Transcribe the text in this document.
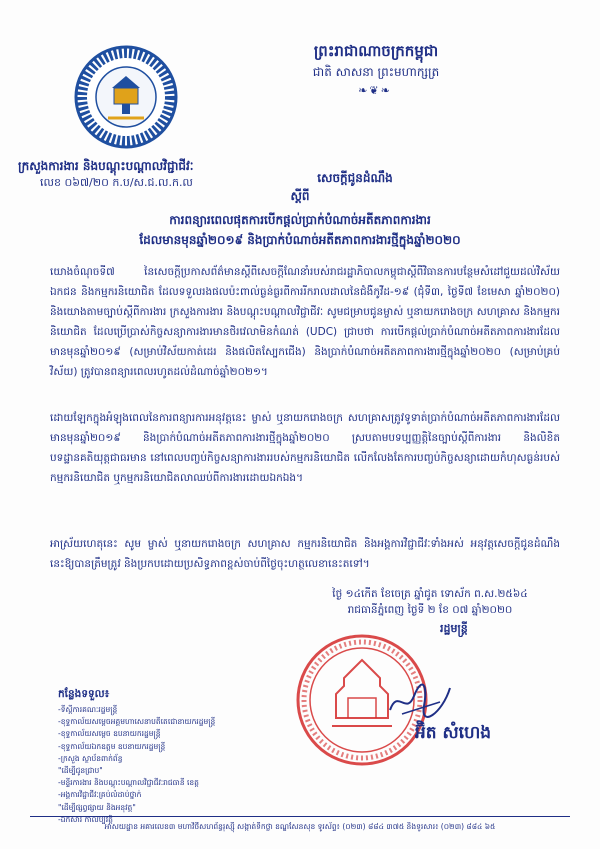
ព្រះរាជាណាចក្រកម្ពុជា
ជាតិ សាសនា ព្រះមហាក្សត្រ
❧❦❧
ក្រសួងការងារ និងបណ្តុះបណ្តាលវិជ្ជាជីវៈ
លេខ ០៦៧/២០ ក.ប/ស.ជ.ល.ក.ល	សេចក្តីជូនដំណឹង
ស្តីពី
ការពន្យារពេលផុតការបើកផ្តល់ប្រាក់បំណាច់អតីតភាពការងារ
ដែលមានមុនឆ្នាំ២០១៩ និងប្រាក់បំណាច់អតីតភាពការងារថ្មីក្នុងឆ្នាំ២០២០
យោងចំណុចទី៧ នៃសេចក្តីប្រកាសព័ត៌មានស្តីពីសេចក្តីណែនាំរបស់រាជរដ្ឋាភិបាលកម្ពុជាស្តីពីវិធានការបន្ថែមសំដៅជួយដល់វិស័យឯកជន និងកម្មករនិយោជិត ដែលទទួលរងផលប៉ះពាល់ធ្ងន់ធ្ងរពីការរីករាលដាលនៃជំងឺកូវីដ-១៩ (ជុំទី៣, ថ្ងៃទី៧ ខែមេសា ឆ្នាំ២០២០) និងយោងតាមច្បាប់ស្តីពីការងារ ក្រសួងការងារ និងបណ្តុះបណ្តាលវិជ្ជាជីវៈ សូមជម្រាបជូនម្ចាស់ ឬនាយករោងចក្រ សហគ្រាស និងកម្មករនិយោជិត ដែលប្រើប្រាស់កិច្ចសន្យាការងារមានថិរវេលាមិនកំណត់ (UDC) ជ្រាបថា ការបើកផ្តល់ប្រាក់បំណាច់អតីតភាពការងារដែលមានមុនឆ្នាំ២០១៩ (សម្រាប់វិស័យកាត់ដេរ និងផលិតស្បែកជើង) និងប្រាក់បំណាច់អតីតភាពការងារថ្មីក្នុងឆ្នាំ២០២០ (សម្រាប់គ្រប់វិស័យ) ត្រូវបានពន្យារពេលរហូតដល់ដំណាច់ឆ្នាំ២០២១។
ដោយឡែកក្នុងអំឡុងពេលនៃការពន្យារការអនុវត្តនេះ ម្ចាស់ ឬនាយករោងចក្រ សហគ្រាសត្រូវទូទាត់ប្រាក់បំណាច់អតីតភាពការងារដែលមានមុនឆ្នាំ២០១៩ និងប្រាក់បំណាច់អតីតភាពការងារថ្មីក្នុងឆ្នាំ២០២០ ស្របតាមបទប្បញ្ញត្តិនៃច្បាប់ស្តីពីការងារ និងលិខិតបទដ្ឋានគតិយុត្តជាធរមាន នៅពេលបញ្ចប់កិច្ចសន្យាការងាររបស់កម្មករនិយោជិត លើកលែងតែការបញ្ចប់កិច្ចសន្យាដោយកំហុសធ្ងន់របស់កម្មករនិយោជិត ឬកម្មករនិយោជិតលាឈប់ពីការងារដោយឯកឯង។
អាស្រ័យហេតុនេះ សូម ម្ចាស់ ឬនាយករោងចក្រ សហគ្រាស កម្មករនិយោជិត និងអង្គការវិជ្ជាជីវៈទាំងអស់ អនុវត្តសេចក្តីជូនដំណឹងនេះឱ្យបានត្រឹមត្រូវ និងប្រកបដោយប្រសិទ្ធភាពខ្ពស់ចាប់ពីថ្ងៃចុះហត្ថលេខានេះតទៅ។
ថ្ងៃ ១៤កើត ខែចេត្រ ឆ្នាំជូត ទោស័ក ព.ស.២៥៦៤
រាជធានីភ្នំពេញ ថ្ងៃទី ២ ខែ ០៧ ឆ្នាំ២០២០
រដ្ឋមន្ត្រី
អ៊ិត សំហេង
កន្លែងទទួល៖
-ទីស្តីការគណៈរដ្ឋមន្ត្រី
-ខុទ្ទកាល័យសម្តេចអគ្គមហាសេនាបតីតេជោនាយករដ្ឋមន្ត្រី
-ខុទ្ទកាល័យសម្តេច ឧបនាយករដ្ឋមន្ត្រី
-ខុទ្ទកាល័យឯកឧត្តម ឧបនាយករដ្ឋមន្ត្រី
-ក្រសួង ស្ថាប័នពាក់ព័ន្ធ
"ដើម្បីជូនជ្រាប"
-មន្ទីរការងារ និងបណ្តុះបណ្តាលវិជ្ជាជីវៈរាជធានី ខេត្ត
-អង្គការវិជ្ជាជីវៈគ្រប់លំដាប់ថ្នាក់
"ដើម្បីផ្សព្វផ្សាយ និងអនុវត្ត"
-ឯកសារ កាលប្បវត្តិ
អាសយដ្ឋាន អគារលេខ៣ មហាវិថីសហព័ន្ធរុស្ស៊ី សង្កាត់ទឹកថ្លា ខណ្ឌសែនសុខ ទូរស័ព្ទ៖ (០២៣) ៨៨៤ ៣៧៥ និងទូរសារ៖ (០២៣) ៨៨៤ ៦៥
